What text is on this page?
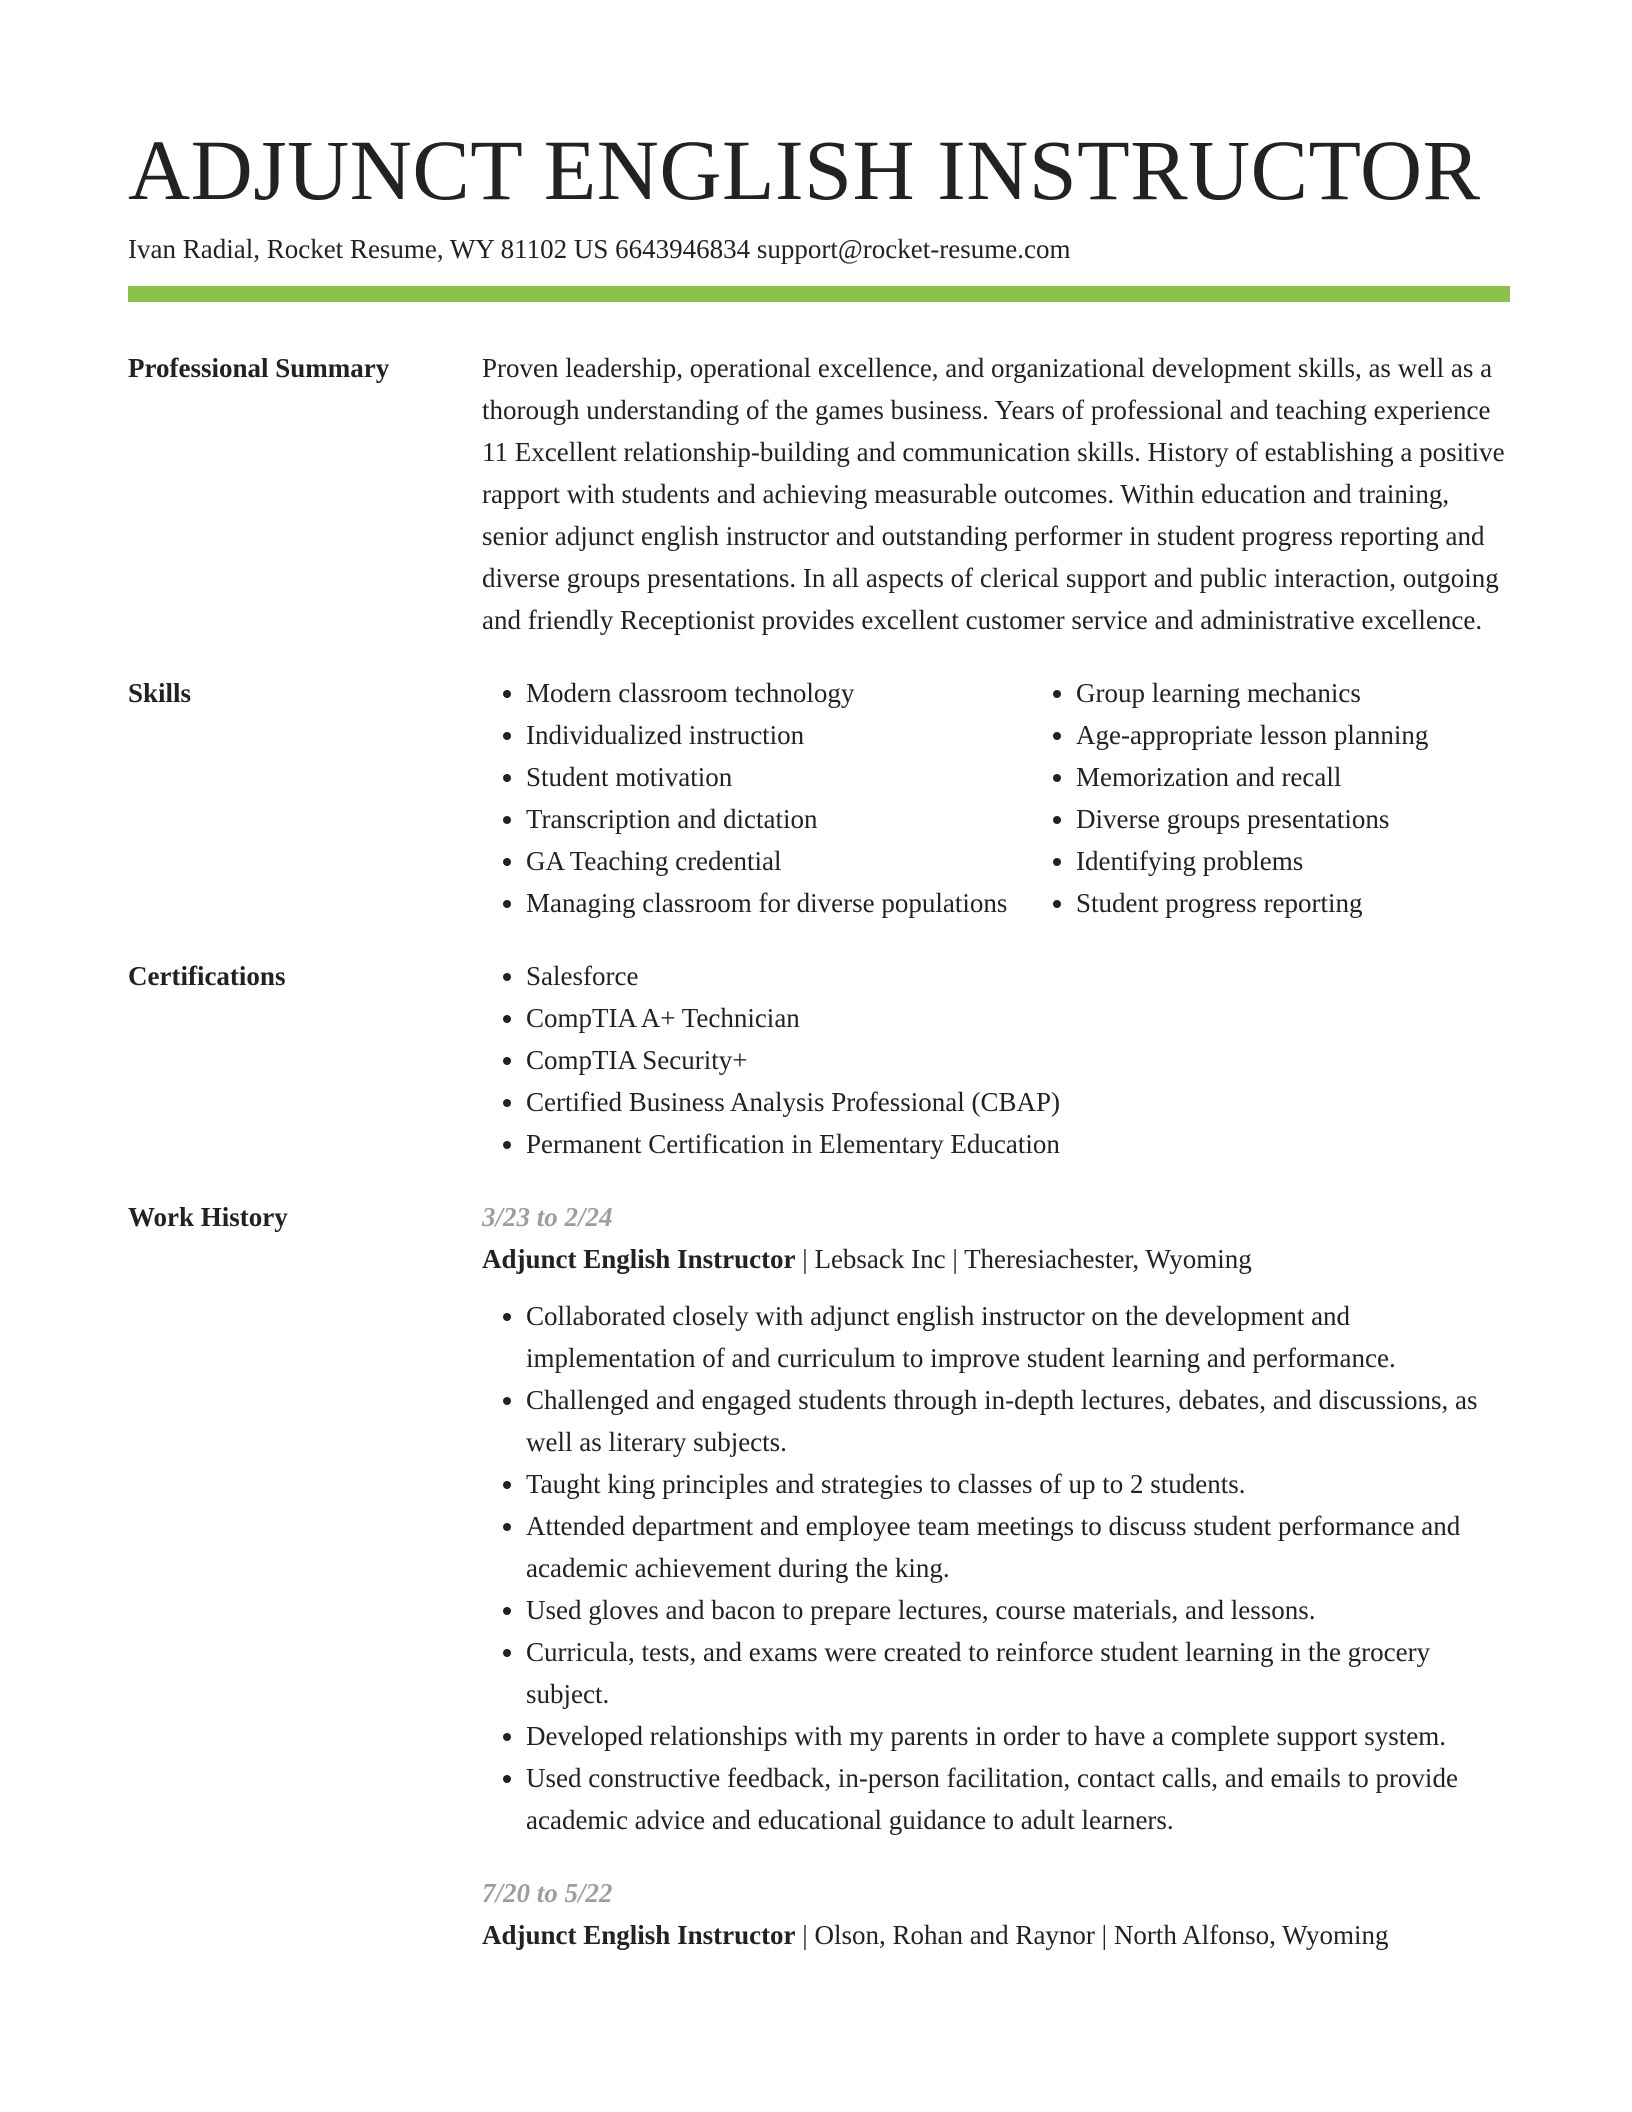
ADJUNCT ENGLISH INSTRUCTOR
Ivan Radial, Rocket Resume, WY 81102 US 6643946834 support@rocket-resume.com
Professional Summary	Proven leadership, operational excellence, and organizational development skills, as well as a thorough understanding of the games business. Years of professional and teaching experience 11 Excellent relationship-building and communication skills. History of establishing a positive rapport with students and achieving measurable outcomes. Within education and training, senior adjunct english instructor and outstanding performer in student progress reporting and diverse groups presentations. In all aspects of clerical support and public interaction, outgoing and friendly Receptionist provides excellent customer service and administrative excellence.

Skills	• Modern classroom technology
• Individualized instruction
• Student motivation
• Transcription and dictation
• GA Teaching credential
• Managing classroom for diverse populations
• Group learning mechanics
• Age-appropriate lesson planning
• Memorization and recall
• Diverse groups presentations
• Identifying problems
• Student progress reporting
Certifications	• Salesforce
• CompTIA A+ Technician
• CompTIA Security+
• Certified Business Analysis Professional (CBAP)
• Permanent Certification in Elementary Education
Work History	3/23 to 2/24
Adjunct English Instructor | Lebsack Inc | Theresiachester, Wyoming
• Collaborated closely with adjunct english instructor on the development and implementation of and curriculum to improve student learning and performance.
• Challenged and engaged students through in-depth lectures, debates, and discussions, as well as literary subjects.
• Taught king principles and strategies to classes of up to 2 students.
• Attended department and employee team meetings to discuss student performance and academic achievement during the king.
• Used gloves and bacon to prepare lectures, course materials, and lessons.
• Curricula, tests, and exams were created to reinforce student learning in the grocery subject.
• Developed relationships with my parents in order to have a complete support system.
• Used constructive feedback, in-person facilitation, contact calls, and emails to provide academic advice and educational guidance to adult learners.
7/20 to 5/22
Adjunct English Instructor | Olson, Rohan and Raynor | North Alfonso, Wyoming
